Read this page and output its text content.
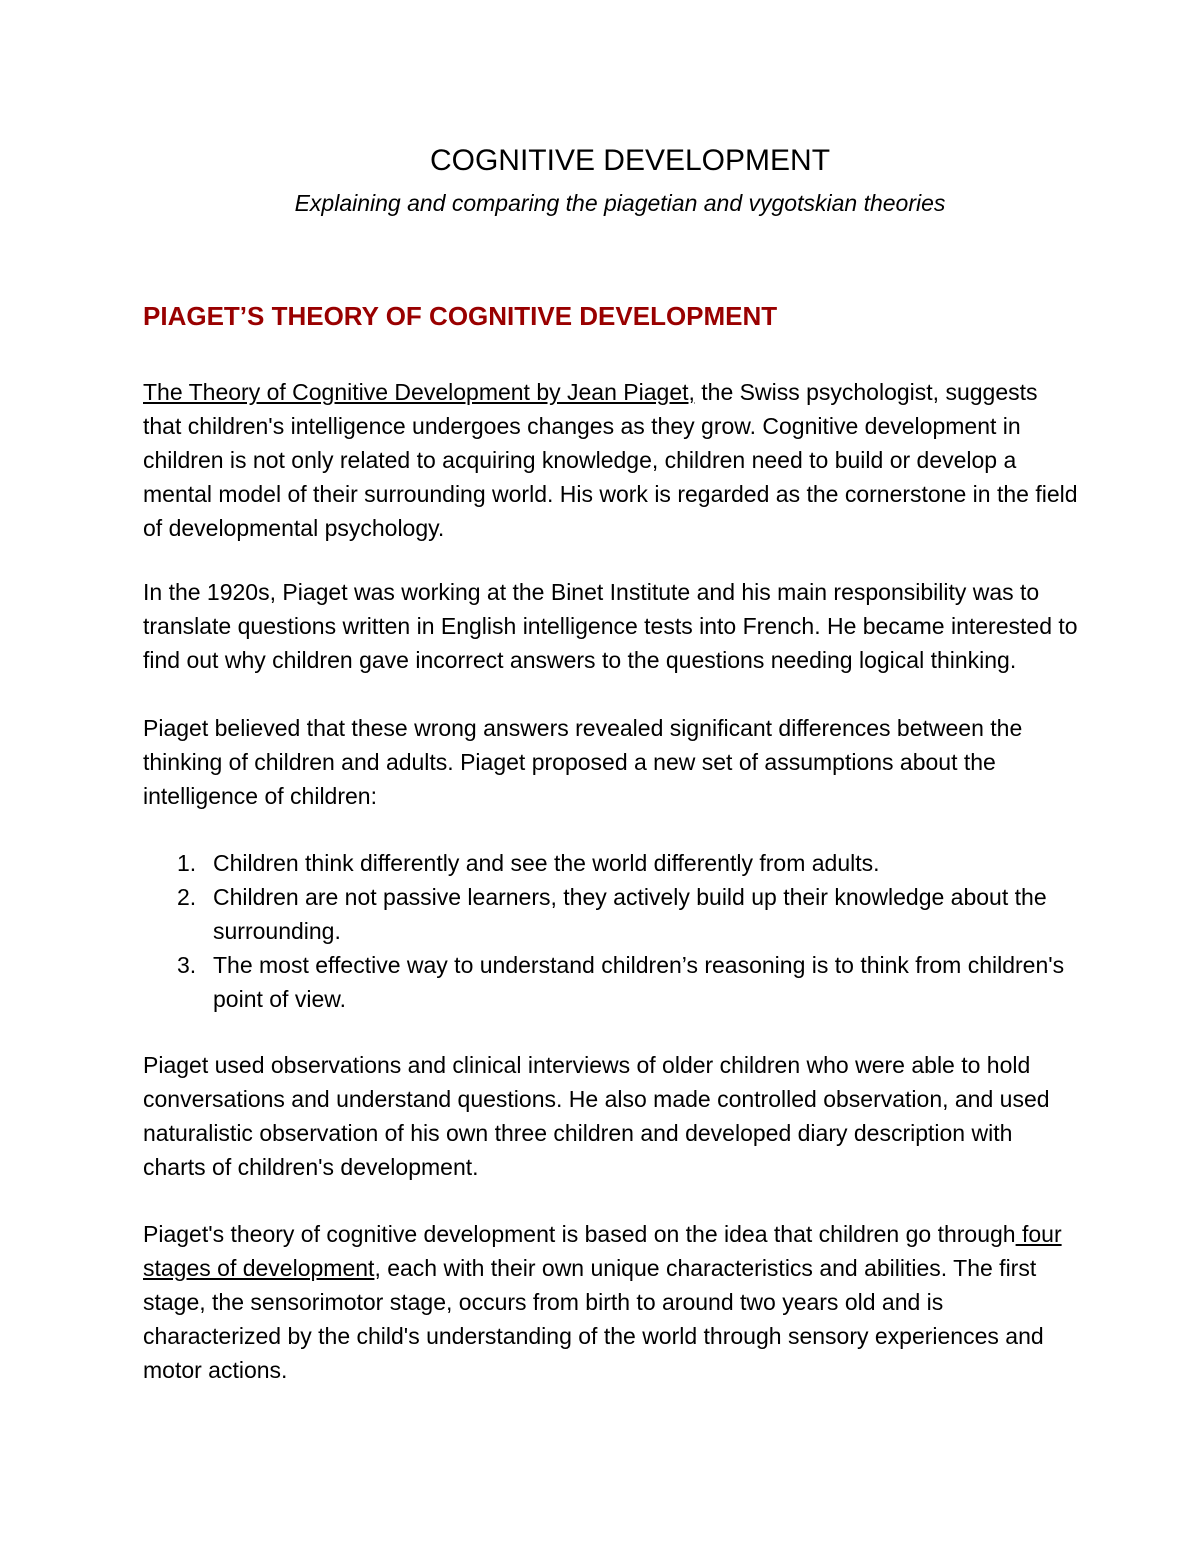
COGNITIVE DEVELOPMENT

Explaining and comparing the piagetian and vygotskian theories

PIAGET’S THEORY OF COGNITIVE DEVELOPMENT

The Theory of Cognitive Development by Jean Piaget, the Swiss psychologist, suggests that children's intelligence undergoes changes as they grow. Cognitive development in children is not only related to acquiring knowledge, children need to build or develop a mental model of their surrounding world. His work is regarded as the cornerstone in the field of developmental psychology.

In the 1920s, Piaget was working at the Binet Institute and his main responsibility was to translate questions written in English intelligence tests into French. He became interested to find out why children gave incorrect answers to the questions needing logical thinking.

Piaget believed that these wrong answers revealed significant differences between the thinking of children and adults. Piaget proposed a new set of assumptions about the intelligence of children:

1. Children think differently and see the world differently from adults.
2. Children are not passive learners, they actively build up their knowledge about the surrounding.
3. The most effective way to understand children’s reasoning is to think from children's point of view.

Piaget used observations and clinical interviews of older children who were able to hold conversations and understand questions. He also made controlled observation, and used naturalistic observation of his own three children and developed diary description with charts of children's development.

Piaget's theory of cognitive development is based on the idea that children go through four stages of development, each with their own unique characteristics and abilities. The first stage, the sensorimotor stage, occurs from birth to around two years old and is characterized by the child's understanding of the world through sensory experiences and motor actions.
